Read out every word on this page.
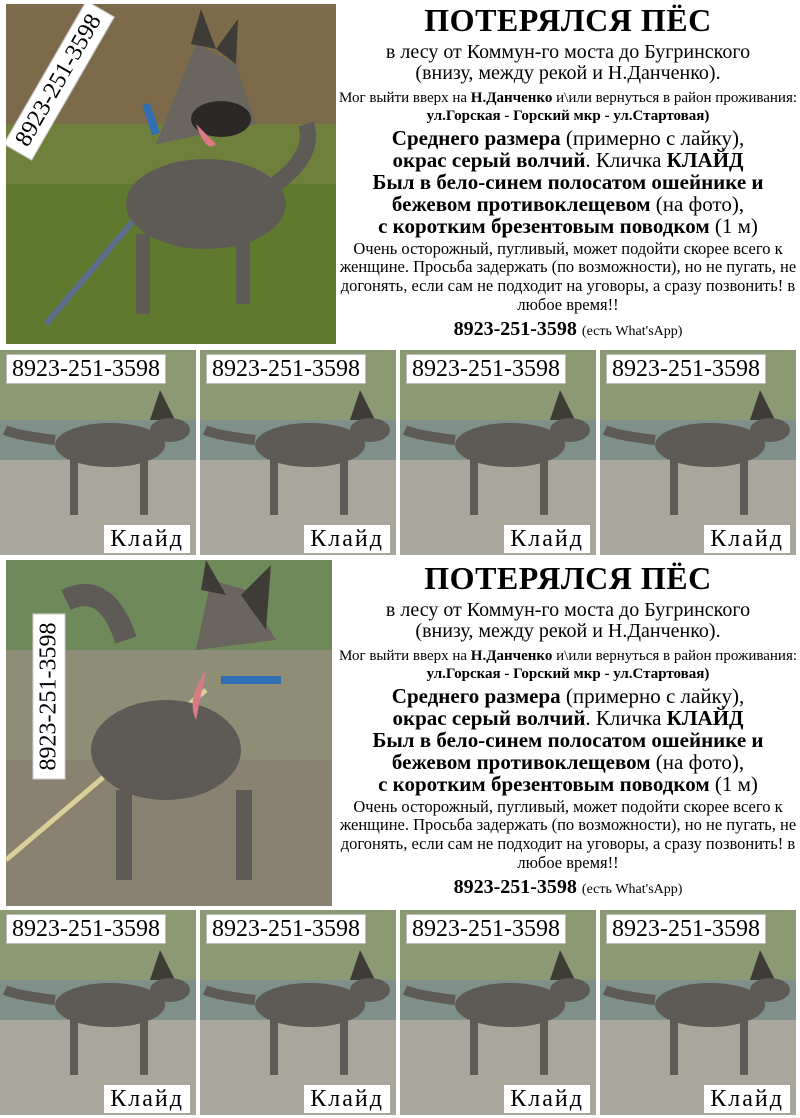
8923-251-3598	ПОТЕРЯЛСЯ ПЁС
в лесу от Коммун-го моста до Бугринского
(внизу, между рекой и Н.Данченко).
Мог выйти вверх на Н.Данченко и\или вернуться в район проживания: ул.Горская - Горский мкр - ул.Стартовая)
Среднего размера (примерно с лайку),
окрас серый волчий. Кличка КЛАЙД
Был в бело-синем полосатом ошейнике и
бежевом противоклещевом (на фото),
с коротким брезентовым поводком (1 м)
Очень осторожный, пугливый, может подойти скорее всего к женщине. Просьба задержать (по возможности), но не пугать, не догонять, если сам не подходит на уговоры, а сразу позвонить! в любое время!!
8923-251-3598 (есть What'sApp)
8923-251-3598
Клайд
8923-251-3598
Клайд
8923-251-3598
Клайд
8923-251-3598
Клайд
8923-251-3598
ПОТЕРЯЛСЯ ПЁС
в лесу от Коммун-го моста до Бугринского
(внизу, между рекой и Н.Данченко).
Мог выйти вверх на Н.Данченко и\или вернуться в район проживания: ул.Горская - Горский мкр - ул.Стартовая)
Среднего размера (примерно с лайку),
окрас серый волчий. Кличка КЛАЙД
Был в бело-синем полосатом ошейнике и
бежевом противоклещевом (на фото),
с коротким брезентовым поводком (1 м)
Очень осторожный, пугливый, может подойти скорее всего к женщине. Просьба задержать (по возможности), но не пугать, не догонять, если сам не подходит на уговоры, а сразу позвонить! в любое время!!
8923-251-3598 (есть What'sApp)
8923-251-3598
Клайд
8923-251-3598
Клайд
8923-251-3598
Клайд
8923-251-3598
Клайд
